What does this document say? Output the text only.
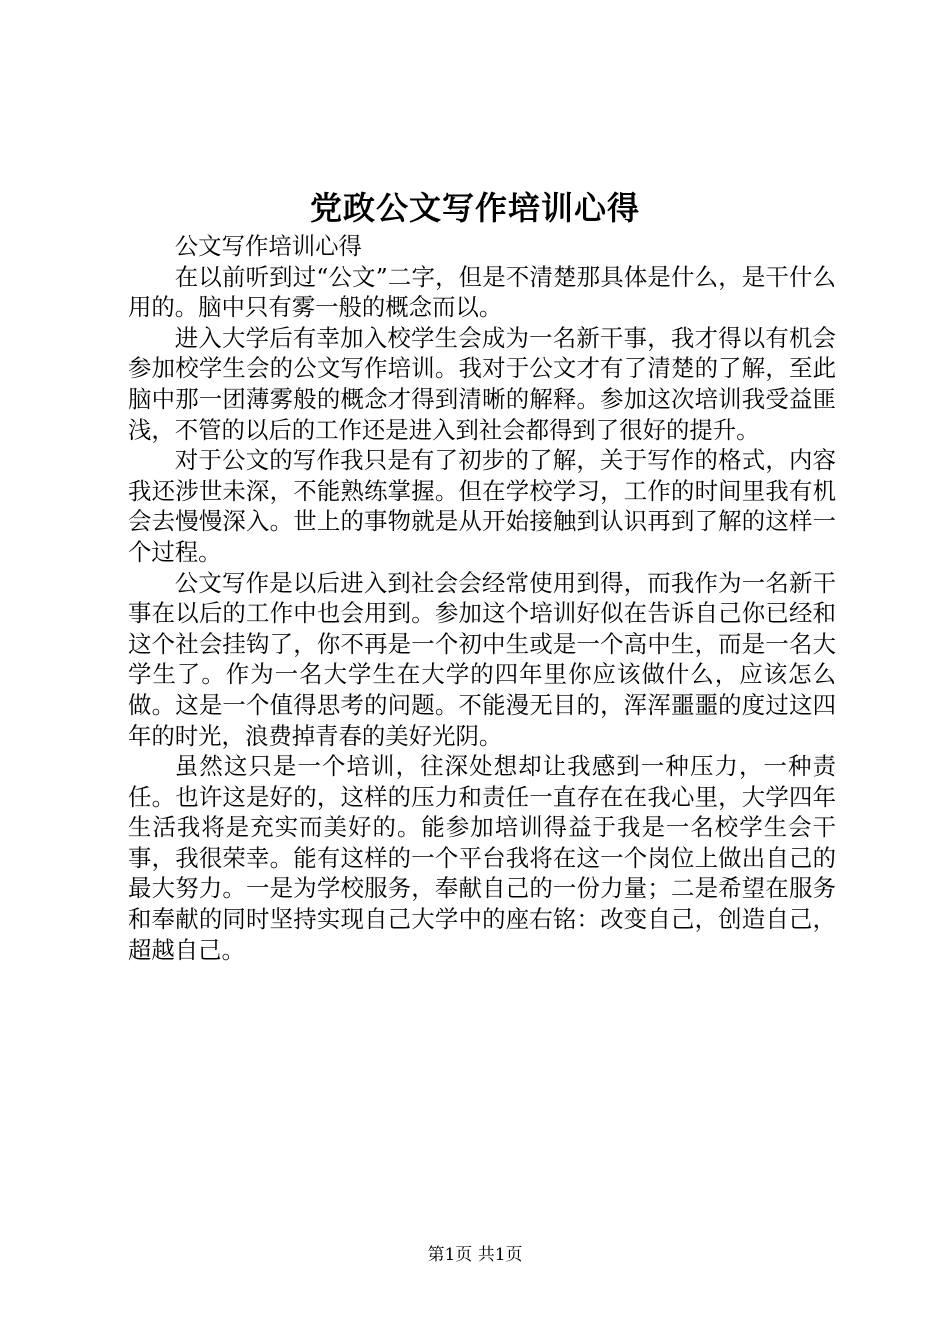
党政公文写作培训心得

公文写作培训心得

在以前听到过“公文”二字，但是不清楚那具体是什么，是干什么用的。脑中只有雾一般的概念而以。

进入大学后有幸加入校学生会成为一名新干事，我才得以有机会参加校学生会的公文写作培训。我对于公文才有了清楚的了解，至此脑中那一团薄雾般的概念才得到清晰的解释。参加这次培训我受益匪浅，不管的以后的工作还是进入到社会都得到了很好的提升。

对于公文的写作我只是有了初步的了解，关于写作的格式，内容我还涉世未深，不能熟练掌握。但在学校学习，工作的时间里我有机会去慢慢深入。世上的事物就是从开始接触到认识再到了解的这样一个过程。

公文写作是以后进入到社会会经常使用到得，而我作为一名新干事在以后的工作中也会用到。参加这个培训好似在告诉自己你已经和这个社会挂钩了，你不再是一个初中生或是一个高中生，而是一名大学生了。作为一名大学生在大学的四年里你应该做什么，应该怎么做。这是一个值得思考的问题。不能漫无目的，浑浑噩噩的度过这四年的时光，浪费掉青春的美好光阴。

虽然这只是一个培训，往深处想却让我感到一种压力，一种责任。也许这是好的，这样的压力和责任一直存在在我心里，大学四年生活我将是充实而美好的。能参加培训得益于我是一名校学生会干事，我很荣幸。能有这样的一个平台我将在这一个岗位上做出自己的最大努力。一是为学校服务，奉献自己的一份力量；二是希望在服务和奉献的同时坚持实现自己大学中的座右铭：改变自己，创造自己，超越自己。

第1页 共1页
